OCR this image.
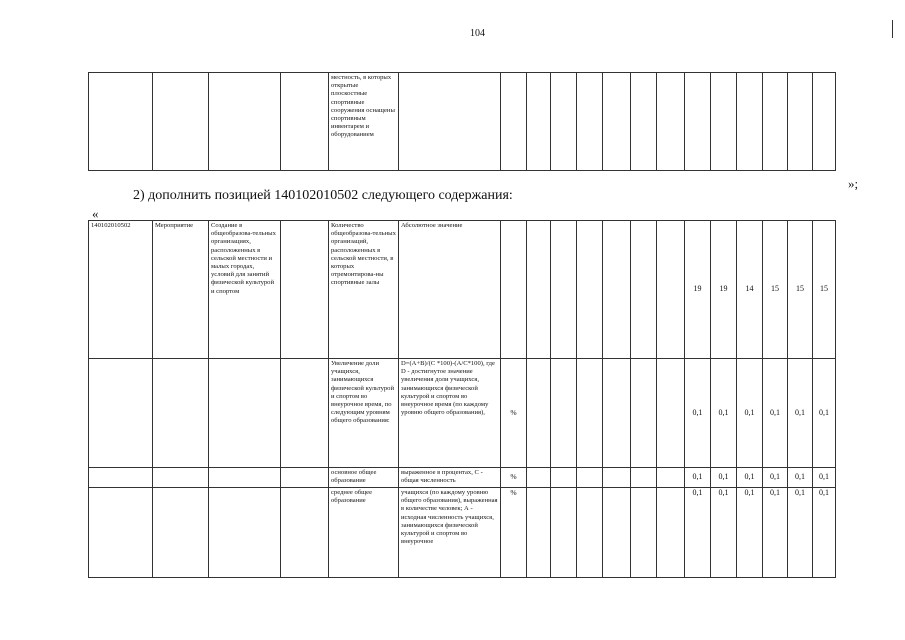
104
				местность, в которых открытые плоскостные спортивные сооружения оснащены спортивным инвентарем и оборудованием														
»;
2) дополнить позицией 140102010502 следующего содержания:
«
140102010502	Мероприятие	Создание в общеобразова-тельных организациях, расположенных в сельской местности и малых городах, условий для занятий физической культурой и спортом		Количество общеобразова-тельных организаций, расположенных в сельской местности, в которых отремонтирова-ны спортивные залы	Абсолютное значение								19	19	14	15	15	15
				Увеличение доли учащихся, занимающихся физической культурой и спортом во внеурочное время, по следующим уровням общего образования:	D=(A+B)/(C *100)-(A/C*100), где D - достигнутое значение увеличения доли учащихся, занимающихся физической культурой и спортом во внеурочное время (по каждому уровню общего образования),	%							0,1	0,1	0,1	0,1	0,1	0,1
				основное общее образование	выраженное в процентах, С - общая численность	%							0,1	0,1	0,1	0,1	0,1	0,1
				среднее общее образование	учащихся (по каждому уровню общего образования), выраженная в количестве человек; А - исходная численность учащихся, занимающихся физической культурой и спортом во внеурочное	%							0,1	0,1	0,1	0,1	0,1	0,1
